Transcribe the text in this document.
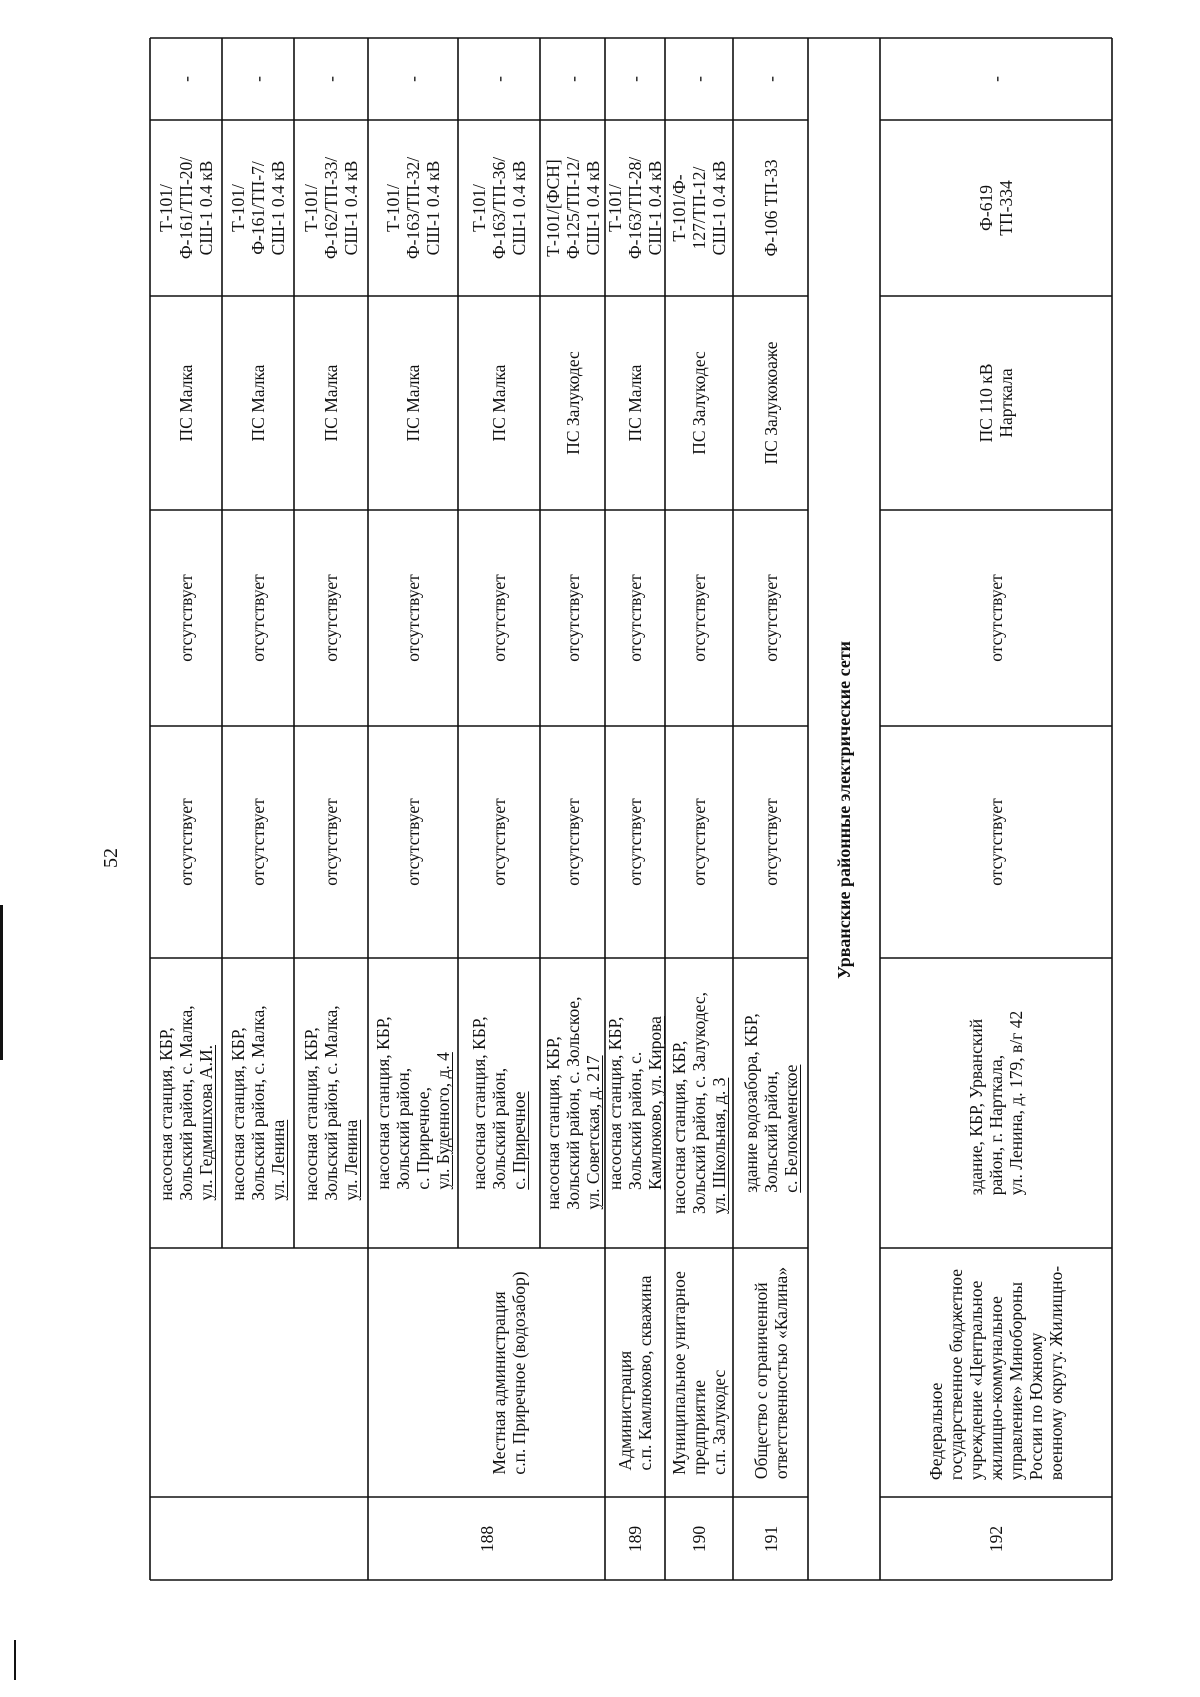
52
насосная станция, КБР, Зольский район, с. Малка, ул. Гедмишхова А.И.
отсутствует
отсутствует
ПС Малка
Т-101/ Ф-161/ТП-20/ СШ-1 0.4 кВ
-
насосная станция, КБР, Зольский район, с. Малка, ул. Ленина
отсутствует
отсутствует
ПС Малка
Т-101/ Ф-161/ТП-7/ СШ-1 0.4 кВ
-
насосная станция, КБР, Зольский район, с. Малка, ул. Ленина
отсутствует
отсутствует
ПС Малка
Т-101/ Ф-162/ТП-33/ СШ-1 0.4 кВ
-
188
Местная администрация с.п. Приречное (водозабор)
насосная станция, КБР, Зольский район, с. Приречное, ул. Буденного, д. 4
отсутствует
отсутствует
ПС Малка
Т-101/ Ф-163/ТП-32/ СШ-1 0.4 кВ
-
насосная станция, КБР, Зольский район, с. Приречное
отсутствует
отсутствует
ПС Малка
Т-101/ Ф-163/ТП-36/ СШ-1 0.4 кВ
-
насосная станция, КБР, Зольский район, с. Зольское, ул. Советская, д. 217
отсутствует
отсутствует
ПС Залукодес
Т-101/[ФСН] Ф-125/ТП-12/ СШ-1 0.4 кВ
-
189
Администрация с.п. Камлюково, скважина
насосная станция, КБР, Зольский район, с. Камлюково, ул. Кирова
отсутствует
отсутствует
ПС Малка
Т-101/ Ф-163/ТП-28/ СШ-1 0.4 кВ
-
190
Муниципальное унитарное предприятие с.п. Залукодес
насосная станция, КБР, Зольский район, с. Залукодес, ул. Школьная, д. 3
отсутствует
отсутствует
ПС Залукодес
Т-101/Ф- 127/ТП-12/ СШ-1 0.4 кВ
-
191
Общество с ограниченной ответственностью «Калина»
здание водозабора, КБР, Зольский район, с. Белокаменское
отсутствует
отсутствует
ПС Залукокоаже
Ф-106 ТП-33
-
192
Федеральное государственное бюджетное учреждение «Центральное жилищно-коммунальное управление» Минобороны России по Южному военному округу. Жилищно-
здание, КБР, Урванский район, г. Нарткала, ул. Ленина, д. 179, в/г 42
отсутствует
отсутствует
ПС 110 кВ Нарткала
Ф-619 ТП-334
-
Урванские районные электрические сети
